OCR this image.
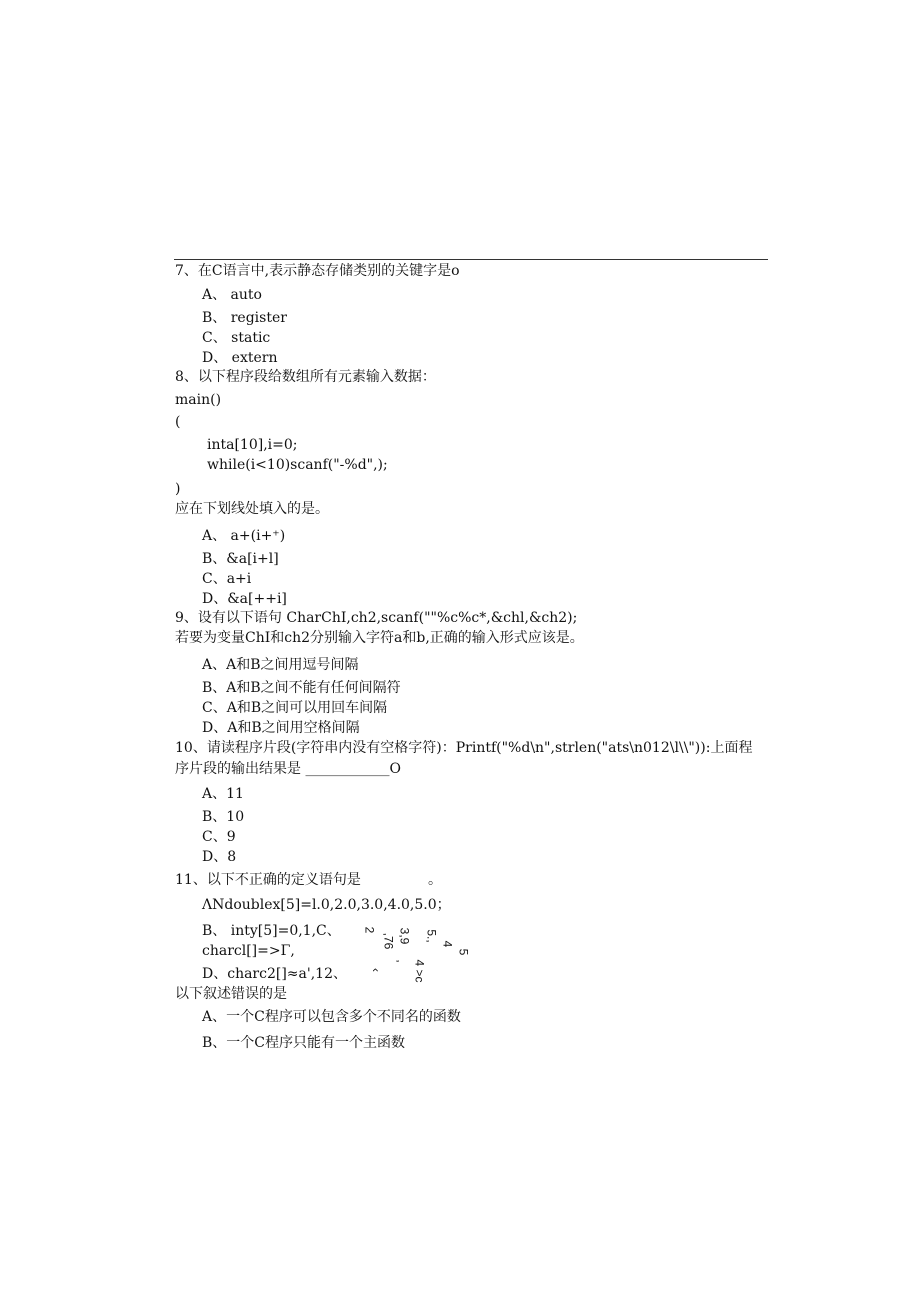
7、在C语言中,表示静态存储类别的关键字是o
A、 auto
B、 register
C、 static
D、 extern
8、以下程序段给数组所有元素输入数据：
main()
(
inta[10],i=0;
while(i<10)scanf("-%d",);
)
应在下划线处填入的是。
A、 a+(i+⁺)
B、&a[i+l]
C、a+i
D、&a[++i]
9、设有以下语句 CharChI,ch2,scanf(""%c%c*,&chl,&ch2);
若要为变量ChI和ch2分别输入字符a和b,正确的输入形式应该是。
A、A和B之间用逗号间隔
B、A和B之间不能有任何间隔符
C、A和B之间可以用回车间隔
D、A和B之间用空格间隔
10、请读程序片段(字符串内没有空格字符)：Printf("%d\n",strlen("ats\n012\l\\")):上面程
序片段的输出结果是 ____________O
A、11
B、10
C、9
D、8
11、以下不正确的定义语句是	。
ΛNdoublex[5]=l.0,2.0,3.0,4.0,5.0；
B、 inty[5]=0,1,C、
charcl[]=>Γ,
D、charc2[]≈a',12、
2 3,9
,76 5.,
4
5
, 4 >c
‹
以下叙述错误的是
A、一个C程序可以包含多个不同名的函数
B、一个C程序只能有一个主函数
